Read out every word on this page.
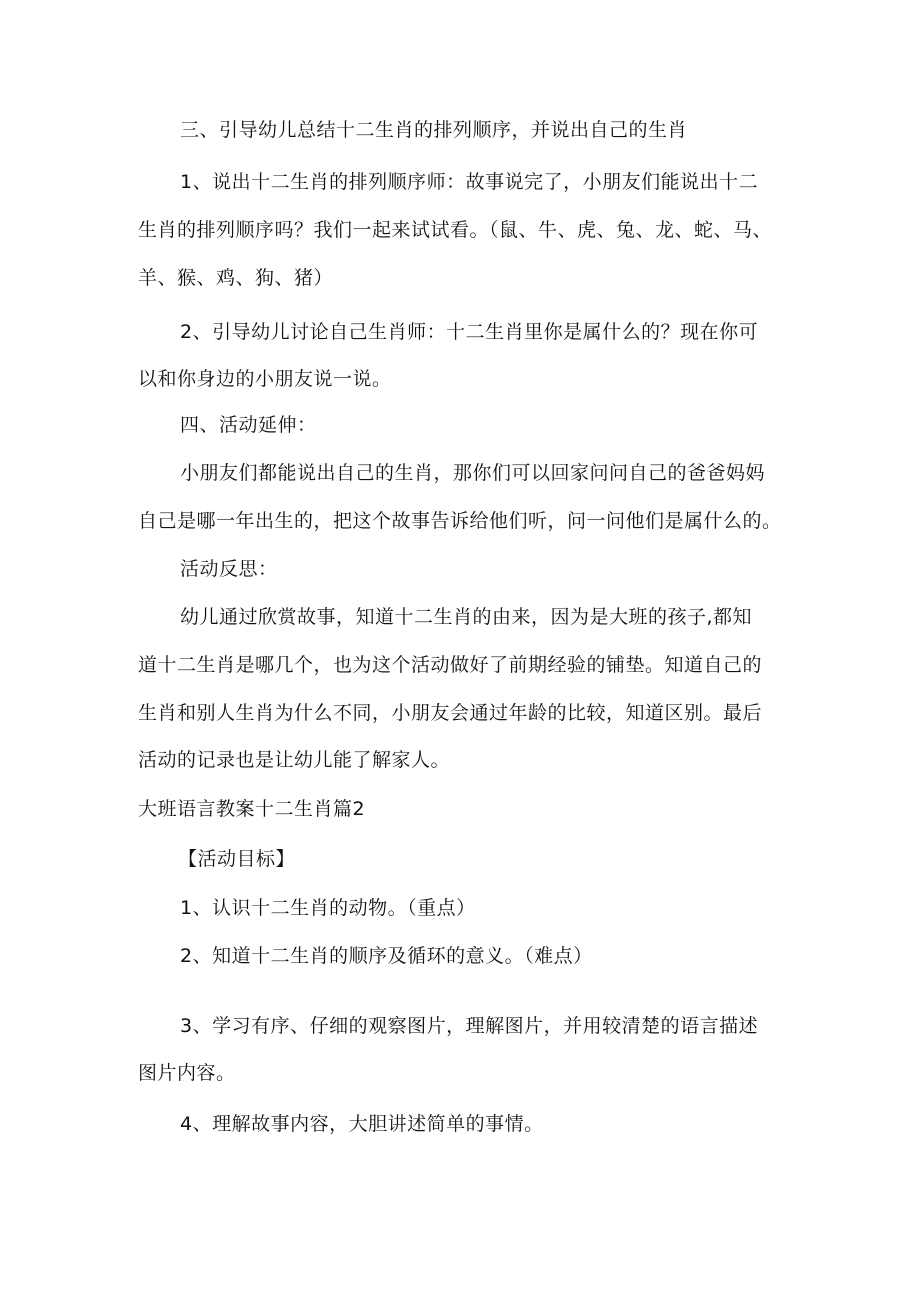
三、引导幼儿总结十二生肖的排列顺序，并说出自己的生肖
1、说出十二生肖的排列顺序师：故事说完了，小朋友们能说出十二
生肖的排列顺序吗？我们一起来试试看。（鼠、牛、虎、兔、龙、蛇、马、
羊、猴、鸡、狗、猪）
2、引导幼儿讨论自己生肖师：十二生肖里你是属什么的？现在你可
以和你身边的小朋友说一说。
四、活动延伸：
小朋友们都能说出自己的生肖，那你们可以回家问问自己的爸爸妈妈
自己是哪一年出生的，把这个故事告诉给他们听，问一问他们是属什么的。
活动反思：
幼儿通过欣赏故事，知道十二生肖的由来，因为是大班的孩子,都知
道十二生肖是哪几个，也为这个活动做好了前期经验的铺垫。知道自己的
生肖和别人生肖为什么不同，小朋友会通过年龄的比较，知道区别。最后
活动的记录也是让幼儿能了解家人。
大班语言教案十二生肖篇2
【活动目标】
1、认识十二生肖的动物。（重点）
2、知道十二生肖的顺序及循环的意义。（难点）
3、学习有序、仔细的观察图片，理解图片，并用较清楚的语言描述
图片内容。
4、理解故事内容，大胆讲述简单的事情。
